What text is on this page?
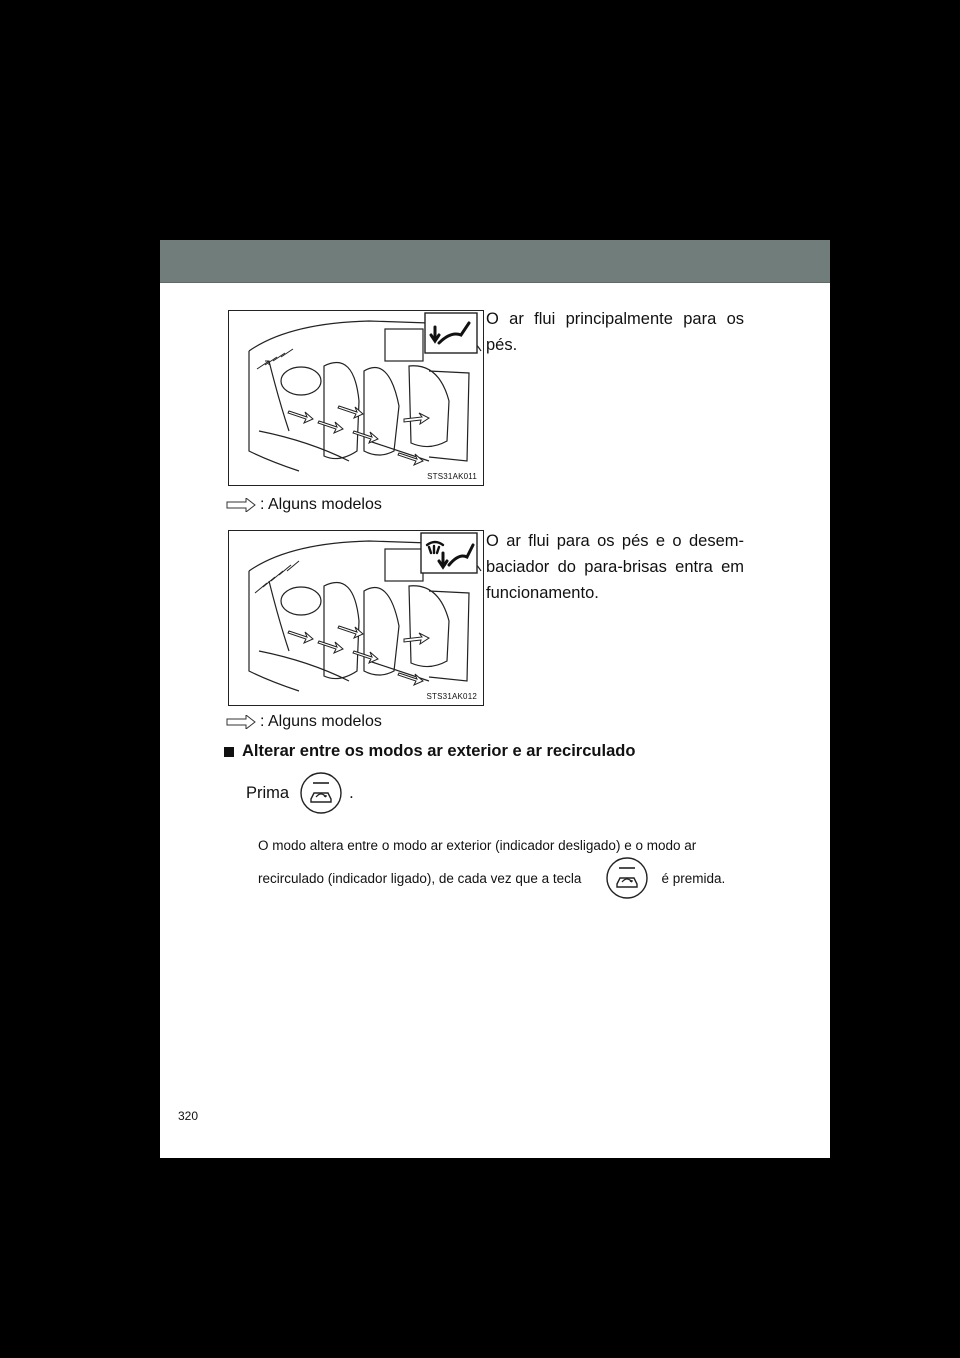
STS31AK011
O ar flui principalmente para os pés.
: Alguns modelos
STS31AK012
O ar flui para os pés e o desem-baciador do para-brisas entra em funcionamento.
: Alguns modelos
Alterar entre os modos ar exterior e ar recirculado
Prima	.
O modo altera entre o modo ar exterior (indicador desligado) e o modo ar
recirculado (indicador ligado), de cada vez que a tecla	é premida.
320
